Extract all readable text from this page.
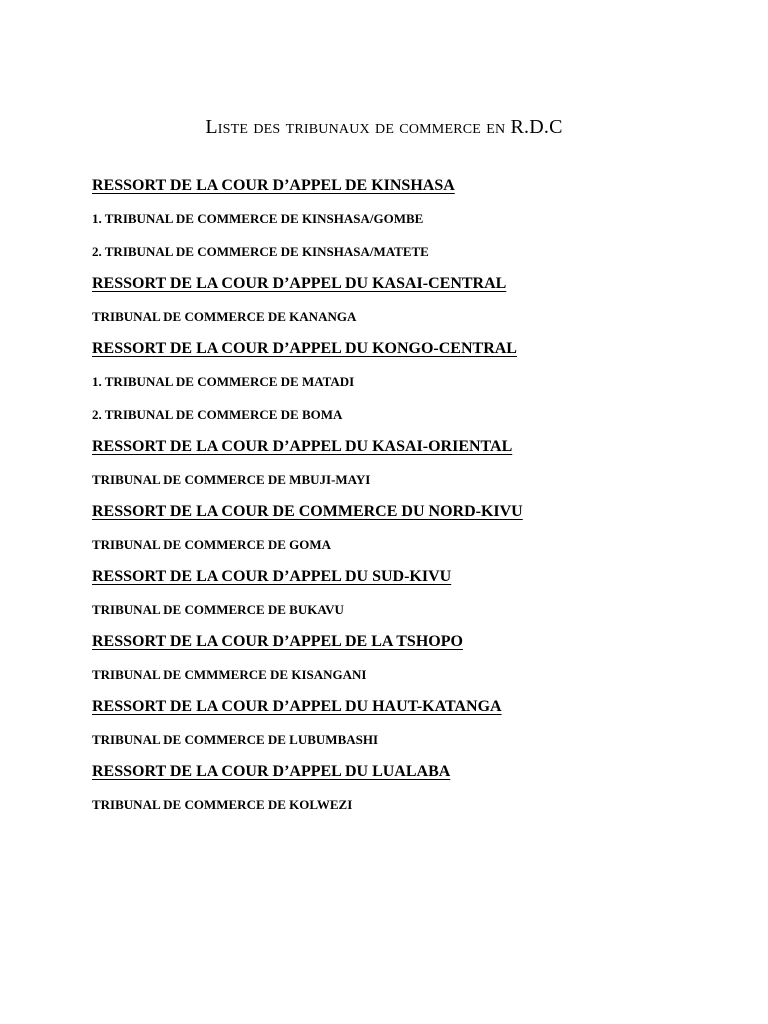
Liste des tribunaux de commerce en R.D.C
RESSORT DE LA COUR D’APPEL DE KINSHASA
1. TRIBUNAL DE COMMERCE DE KINSHASA/GOMBE
2. TRIBUNAL DE COMMERCE DE KINSHASA/MATETE
RESSORT DE LA COUR D’APPEL DU KASAI-CENTRAL
TRIBUNAL DE COMMERCE DE KANANGA
RESSORT DE LA COUR D’APPEL DU KONGO-CENTRAL
1. TRIBUNAL DE COMMERCE DE MATADI
2. TRIBUNAL DE COMMERCE DE BOMA
RESSORT DE LA COUR D’APPEL DU KASAI-ORIENTAL
TRIBUNAL DE COMMERCE DE MBUJI-MAYI
RESSORT DE LA COUR DE COMMERCE DU NORD-KIVU
TRIBUNAL DE COMMERCE DE GOMA
RESSORT DE LA COUR D’APPEL DU SUD-KIVU
TRIBUNAL DE COMMERCE DE BUKAVU
RESSORT DE LA COUR D’APPEL DE LA TSHOPO
TRIBUNAL DE CMMMERCE DE KISANGANI
RESSORT DE LA COUR D’APPEL DU HAUT-KATANGA
TRIBUNAL DE COMMERCE DE LUBUMBASHI
RESSORT DE LA COUR D’APPEL DU LUALABA
TRIBUNAL DE COMMERCE DE KOLWEZI
